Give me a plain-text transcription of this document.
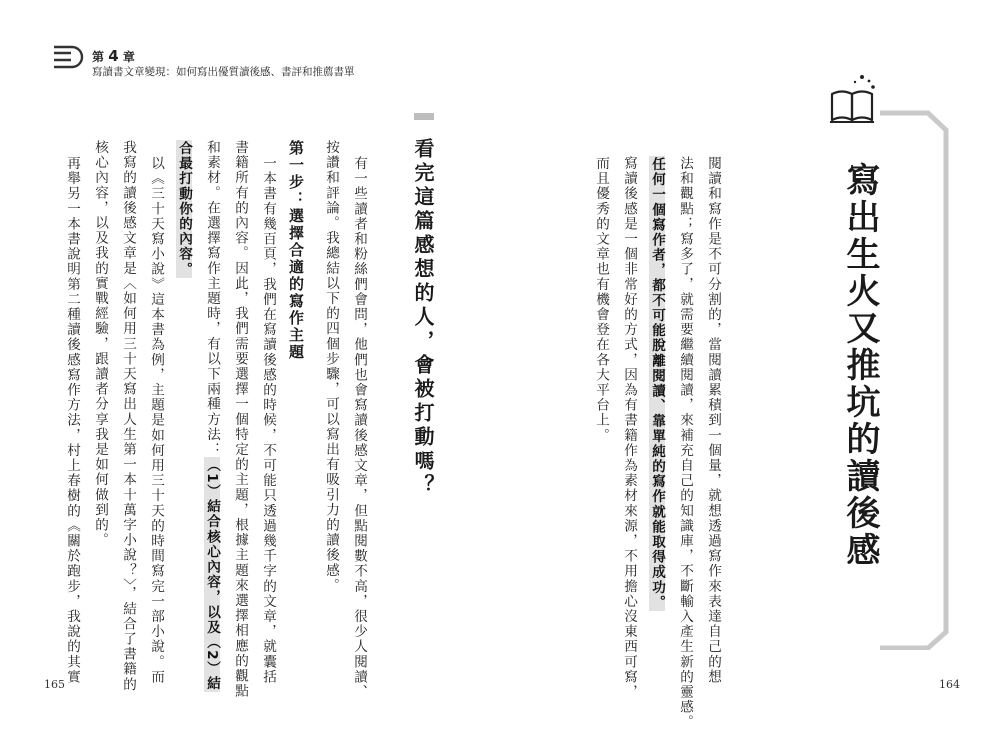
第 4 章
寫讀書文章變現：如何寫出優質讀後感、書評和推薦書單
寫出生火又推坑的讀後感
閱讀和寫作是不可分割的，當閱讀累積到一個量，就想透過寫作來表達自己的想
法和觀點；寫多了，就需要繼續閱讀，來補充自己的知識庫，不斷輸入產生新的靈感。
任何一個寫作者，都不可能脫離閱讀、靠單純的寫作就能取得成功。
寫讀後感是一個非常好的方式，因為有書籍作為素材來源，不用擔心沒東西可寫，
而且優秀的文章也有機會登在各大平台上。
164
看完這篇感想的人，會被打動嗎？
有一些讀者和粉絲們會問，他們也會寫讀後感文章，但點閱數不高，很少人閱讀、
按讚和評論。我總結以下的四個步驟，可以寫出有吸引力的讀後感。
第一步：選擇合適的寫作主題
一本書有幾百頁，我們在寫讀後感的時候，不可能只透過幾千字的文章，就囊括
書籍所有的內容。因此，我們需要選擇一個特定的主題，根據主題來選擇相應的觀點
和素材。在選擇寫作主題時，有以下兩種方法：（1）結合核心內容，以及（2）結
合最打動你的內容。
以《三十天寫小說》這本書為例，主題是如何用三十天的時間寫完一部小說。而
我寫的讀後感文章是〈如何用三十天寫出人生第一本十萬字小說？〉，結合了書籍的
核心內容，以及我的實戰經驗，跟讀者分享我是如何做到的。
再舉另一本書說明第二種讀後感寫作方法，村上春樹的《關於跑步，我說的其實
165
